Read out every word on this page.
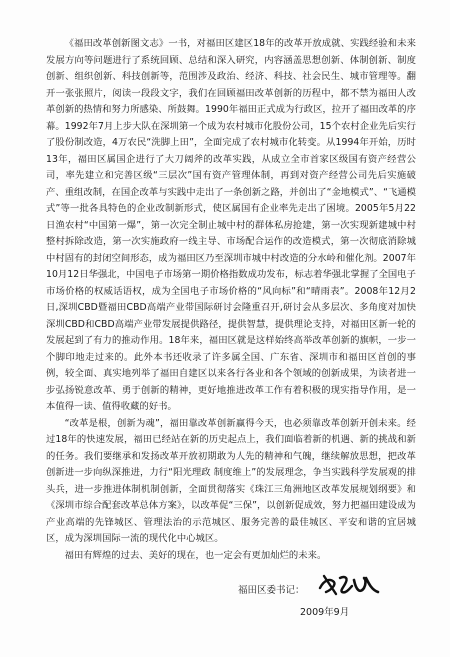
《福田改革创新图文志》一书，对福田区建区18年的改革开放成就、实践经验和未来发展方向等问题进行了系统回顾、总结和深入研究，内容涵盖思想创新、体制创新、制度创新、组织创新、科技创新等，范围涉及政治、经济、科技、社会民生、城市管理等。翻开一张张照片，阅读一段段文字，我们在回顾福田改革创新的历程中，都不禁为福田人改革创新的热情和努力所感染、所鼓舞。1990年福田正式成为行政区，拉开了福田改革的序幕。1992年7月上步大队在深圳第一个成为农村城市化股份公司，15个农村企业先后实行了股份制改造，4万农民“洗脚上田”，全面完成了农村城市化转变。从1994年开始，历时13年，福田区属国企进行了大刀阔斧的改革实践，从成立全市首家区级国有资产经营公司，率先建立和完善区级“三层次”国有资产管理体制，再到对资产经营公司先后实施破产、重组改制，在国企改革与实践中走出了一条创新之路，并创出了“金地模式”、“飞通模式”等一批各具特色的企业改制新形式，使区属国有企业率先走出了困境。2005年5月22日渔农村“中国第一爆”，第一次完全制止城中村的群体私房抢建，第一次实现新建城中村整村拆除改造，第一次实施政府一线主导、市场配合运作的改造模式，第一次彻底消除城中村固有的封闭空间形态，成为福田区乃至深圳市城中村改造的分水岭和催化剂。2007年10月12日华强北，中国电子市场第一期价格指数成功发布，标志着华强北掌握了全国电子市场价格的权威话语权，成为全国电子市场价格的“风向标”和“晴雨表”。2008年12月2日,深圳CBD暨福田CBD高端产业带国际研讨会隆重召开,研讨会从多层次、多角度对加快深圳CBD和CBD高端产业带发展提供路径，提供智慧，提供理论支持，对福田区新一轮的发展起到了有力的推动作用。18年来，福田区就是这样始终高举改革创新的旗帜，一步一个脚印地走过来的。此外本书还收录了许多属全国、广东省、深圳市和福田区首创的事例，较全面、真实地列举了福田自建区以来各行各业和各个领域的创新成果，为读者进一步弘扬锐意改革、勇于创新的精神，更好地推进改革工作有着积极的现实指导作用，是一本值得一读、值得收藏的好书。

“改革是根，创新为魂”，福田靠改革创新赢得今天，也必须靠改革创新开创未来。经过18年的快速发展，福田已经站在新的历史起点上，我们面临着新的机遇、新的挑战和新的任务。我们要继承和发扬改革开放初期敢为人先的精神和气魄，继续解放思想，把改革创新进一步向纵深推进，力行“阳光理政 制度维上”的发展理念，争当实践科学发展观的排头兵，进一步推进体制机制创新，全面贯彻落实《珠江三角洲地区改革发展规划纲要》和《深圳市综合配套改革总体方案》，以改革促“三保”，以创新促成效，努力把福田建设成为产业高端的先锋城区、管理法治的示范城区、服务完善的最佳城区、平安和谐的宜居城区，成为深圳国际一流的现代化中心城区。

福田有辉煌的过去、美好的现在，也一定会有更加灿烂的未来。

福田区委书记：
2009年9月
